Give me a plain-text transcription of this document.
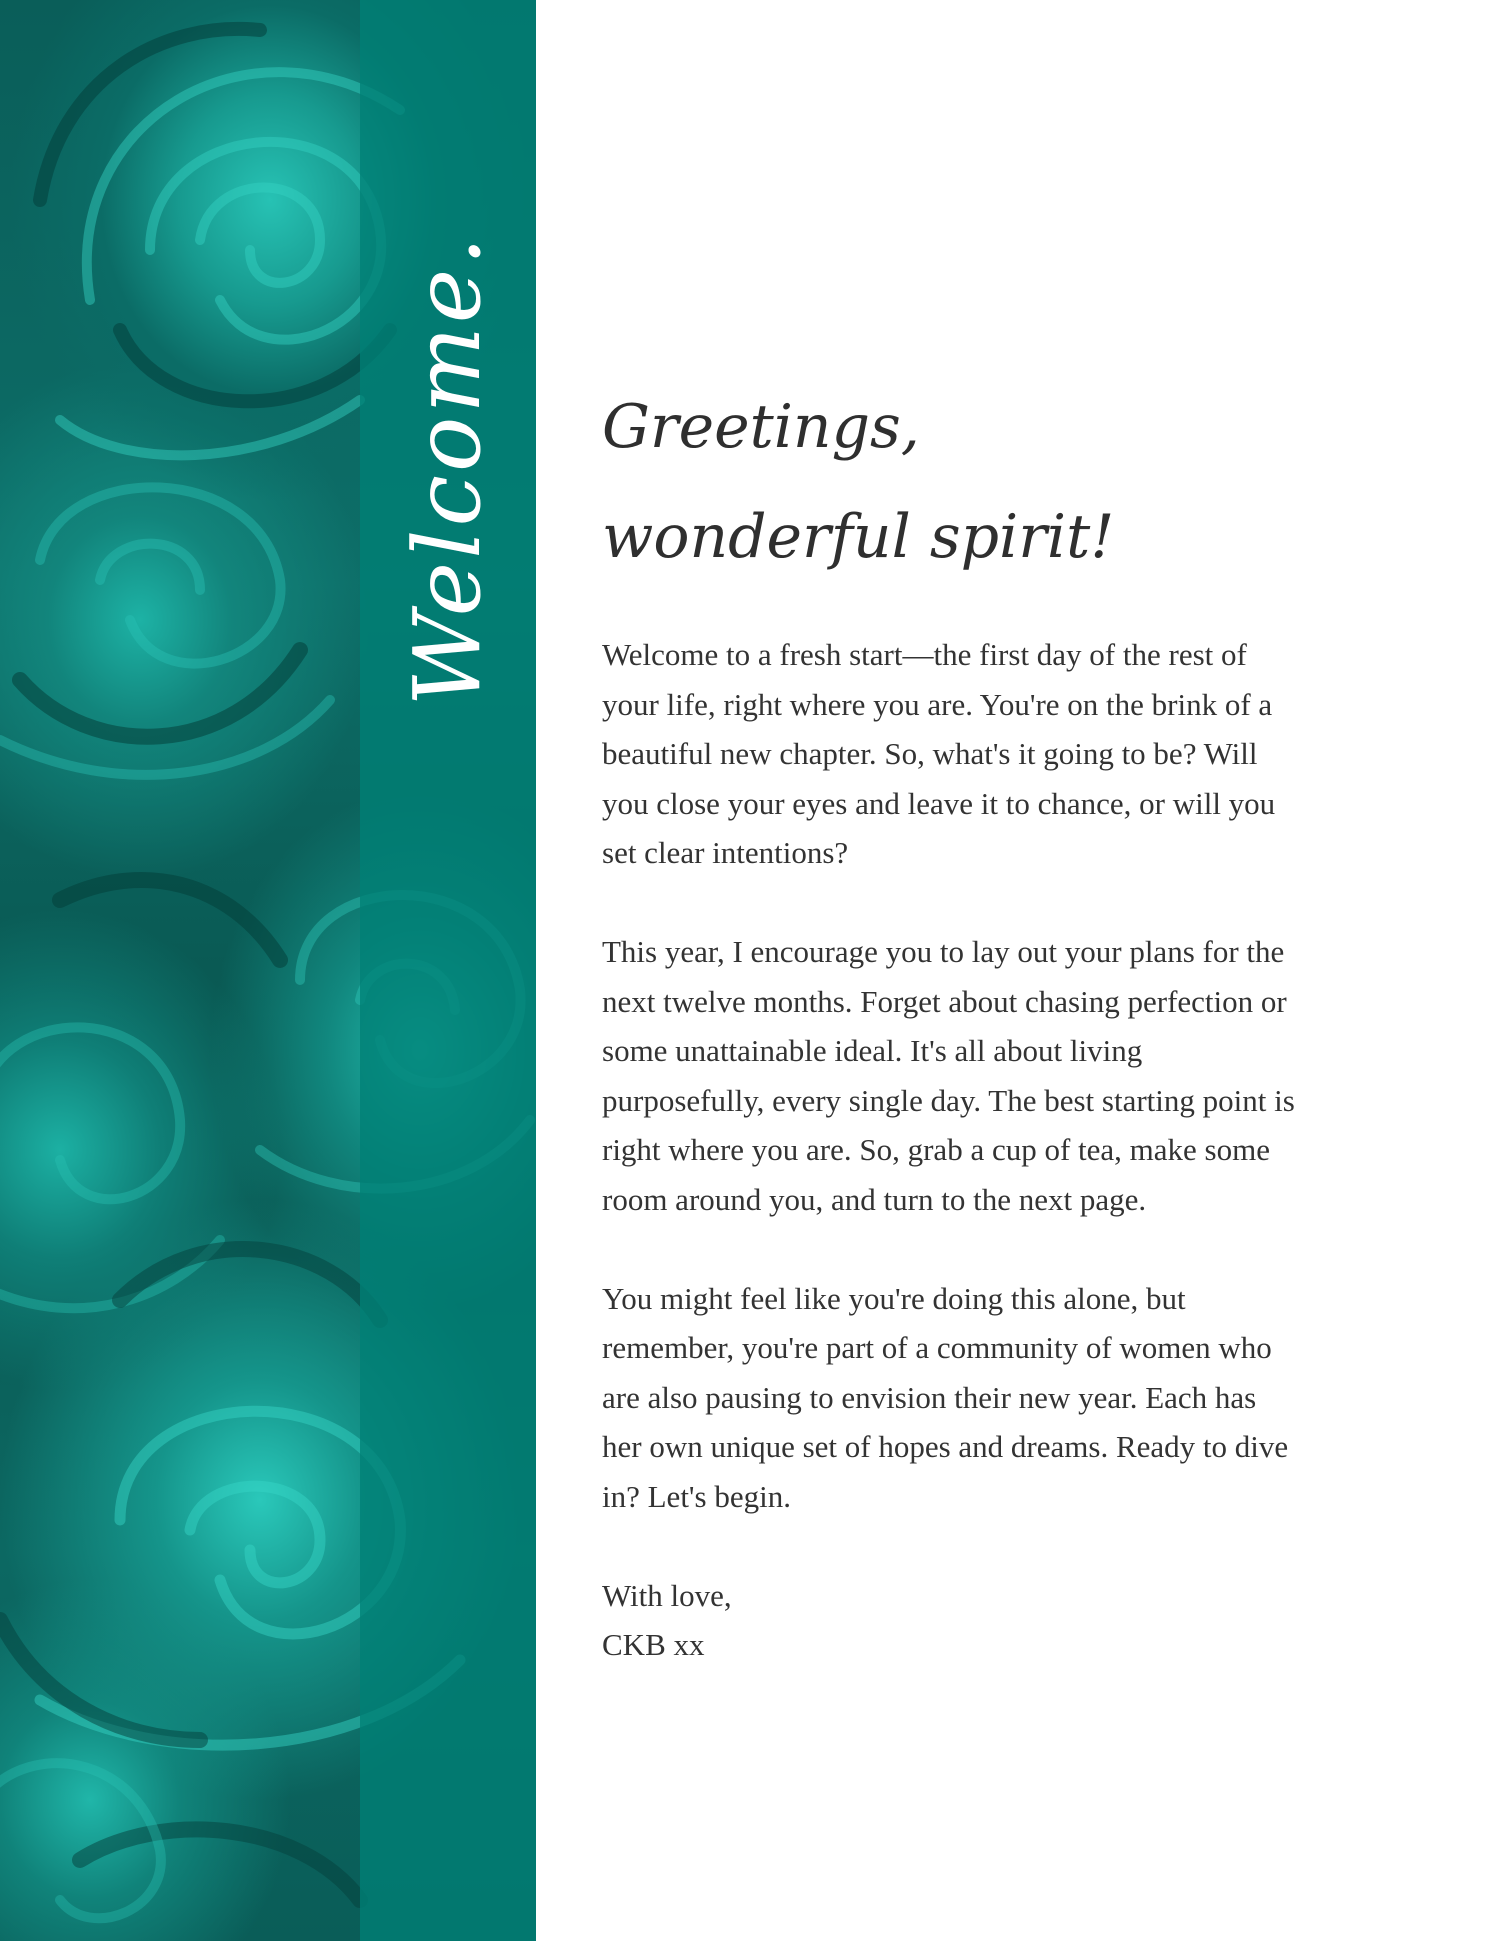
Welcome. Greetings, wonderful spirit!

Welcome to a fresh start—the first day of the rest of your life, right where you are. You're on the brink of a beautiful new chapter. So, what's it going to be? Will you close your eyes and leave it to chance, or will you set clear intentions?

This year, I encourage you to lay out your plans for the next twelve months. Forget about chasing perfection or some unattainable ideal. It's all about living purposefully, every single day. The best starting point is right where you are. So, grab a cup of tea, make some room around you, and turn to the next page.

You might feel like you're doing this alone, but remember, you're part of a community of women who are also pausing to envision their new year. Each has her own unique set of hopes and dreams. Ready to dive in? Let's begin.

With love,
CKB xx
